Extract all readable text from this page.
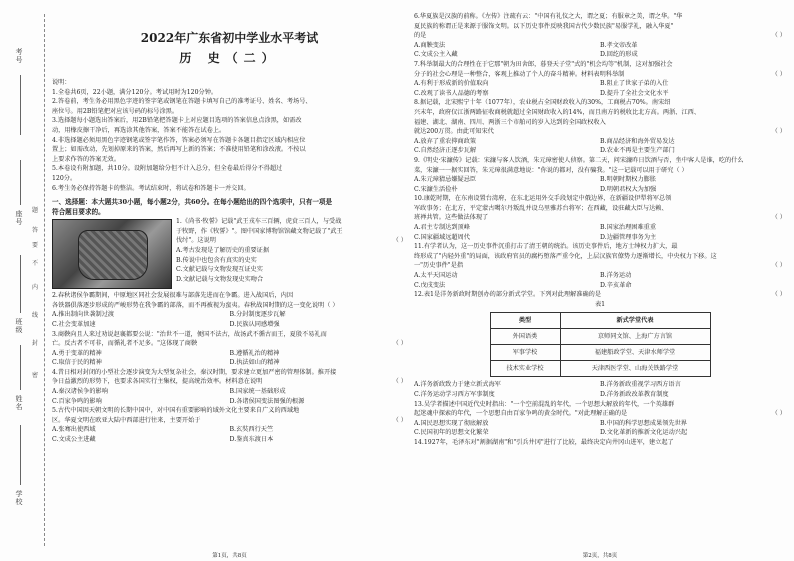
考号
座号
班级
姓名
学校
题
答
要
不
内
线
封
密
2022年广东省初中学业水平考试
历 史（二）
说明：
1.全卷共6页，22小题，满分120分。考试用时为120分钟。
2.答卷前，考生务必用黑色字迹的签字笔或钢笔在答题卡填写自己的准考证号、姓名、考场号、
座位号。用2B铅笔把对应该号码的标号涂黑。
3.选择题每小题选出答案后，用2B铅笔把答题卡上对应题目选项的答案信息点涂黑，如需改
动，用橡皮擦干净后，再选涂其他答案，答案不能答在试卷上。
4.非选择题必须用黑色字迹钢笔或签字笔作答，答案必须写在答题卡各题目指定区域内相应位
置上；如需改动，先划掉原来的答案，然后再写上新的答案；不准使用铅笔和涂改液。不按以
上要求作答的答案无效。
5.本卷设有附加题，共10分。设附加题给分但不计入总分，但全卷最后得分不得超过
120分。
6.考生务必保持答题卡的整洁。考试结束时，将试卷和答题卡一并交回。
一、选择题：本大题共30小题，每小题2分，共60分。在每小题给出的四个选项中，只有一项是
符合题目要求的。
1.《尚书·牧誓》记载"武王戎车三百辆，虎贲三百人，与受战
于牧野，作《牧誓》"。图中国家博物馆馆藏文物记载了"武王
伐纣"。这说明	（ ）
A.考古发现是了解历史的重要证据
B.传说中也包含有真实的史实
C.文献记载与文物发现互证史实
D.文献记载与文物发现史实吻合
2.春秋诸侯争霸期间，中原地区同社会发展很难与部落先进而在争霸。进入战国后，内因
各铁器俱落逐步形成的严峻形势在我争霸的部落，而不再被视为蛮夷。春秋战国时期的这一变化说明（ ）
A.推出制向世袭制过渡	B.分封制度逐步瓦解
C.社会变革加速	D.民族认同感增强
3.商鞅向且人来过劝说赵襄都要公说："治世不一道，便国不法古，故汤武不循古而王，夏殷不易礼而
亡。反古者不可非，而循礼者不足多。"这体现了商鞅	（ ）
A.勇于变革的精神	B.遵循礼治的精神
C.取信于民的精神	D.执法如山的精神
4.昔日相对封闭的小型社会逐步演变为大型复杂社会，秦汉时期，要求建立更加严密的管理体制。推开接
争日益激烈的形势下，也要求各国实行主集权，提高统治效率。材料意在说明	（ ）
A.秦汉诸侯争的影响	B.国家统一基础形成
C.百家争鸣的影响	D.各诸侯国变法图强的根源
5.古代中国因天朝文明的长期中国中，对中国有重要影响的域外文化主要来自广义的西域地
区。华夏文明在欧亚大陆中西部进行往来，主要开始于	（ ）
A.张骞出使西域	B.玄奘西行天竺
C.文成公主进藏	D.鉴真东渡日本
第1页，共8页
6.华夏族是汉族的前称。《左传》注疏有云："中国有礼仪之大，谓之夏；有服章之美，谓之华。"华
夏民族的称谓正是来源于服饰文明。以下历史事件反映我国古代少数民族"易服学礼，融入华夏"
的是	（ ）
A.商鞅变法	B.孝文帝改革
C.文成公主入藏	D.回纥的形成
7.科举制最大的合理性在于它那"朝为田舍郎，暮登天子堂"式的"机会均等"机制，这对加强社会
分子的社会心理是一种整合，客观上推动了个人的奋斗精神。材料表明科举制	（ ）
A.有利于形成新的价值取向	B.阻止了世家子弟的入仕
C.改观了读书人品德的考察	D.提升了全社会文化水平
8.据记载，北宋熙宁十年（1077年），农业税占全国财政收入的30%，工商税占70%。南宋绍
兴末年，政府仅江浙两路征收商税就超过全国财政收入的14%，而且南方的税收比北方高。两浙、江西、
福建、湖北、湖南、四川、两浙三个市舶司的岁入达到的全国政权收入
就达200万贯。由此可知宋代	（ ）
A.放弃了重农抑商政策	B.商品经济和海外贸易发达
C.自然经济正逐步瓦解	D.农业不再是主要生产部门
9.《明史·宋濂传》记载：宋濂与客人饮酒，朱元璋密使人侦察。第二天，问宋濂昨日饮酒与否，坐中客人是谁，吃的什么
菜，宋濂一一据实回答，朱元璋很满意地说："你说的都对，没有骗我。"这一记载可以用于研究（ ）
A.朱元璋猜忌嫌疑忌臣	B.明朝时期权力膨胀
C.宋濂生活俭朴	D.明朝君权大为加强
10.康乾时期，在东南设置台湾府，在东北运用外交手段划定中俄边界，在新疆设伊犁将军总领
军政事务；在北方，平定蒙古噶尔丹叛乱并设乌里雅苏台将军；在西藏，设驻藏大臣与达赖、
班禅共管。这些做法体现了	（ ）
A.君主专制达到顶峰	B.国家治理困难重重
C.国家疆域远超周代	D.边疆管理事务为主
11.有学者认为，这一历史事件沉重打击了清王朝的统治。该历史事件后，地方士绅权力扩大，最
终形成了"内轻外重"的局面，该政府官员的腐朽堕落严重令化，上层汉族官僚势力逐渐增长，中央权力下移。这
一"历史事件"是指	（ ）
A.太平天国运动	B.洋务运动
C.戊戌变法	D.辛亥革命
12.表1是洋务新政时期创办的部分新式学堂。下列对此理解准确的是	（ ）
表1
类型	新式学堂代表
外国语类	京师同文馆、上海广方言馆
军事学校	福建船政学堂、天津水师学堂
技术实业学校	天津西医学堂、山海关铁路学堂
A.洋务新政致力于建立新式海军	B.洋务新政重视学习西方语言
C.洋务运动学习西方军事制度	D.洋务新政改革教育制度
13.吴学者描述中国近代史时指出："一个空前混乱的年代，一个思想大解放的年代，一个英雄群
起迷魂中探索的年代，一个思想自由百家争鸣的黄金时代。"对此理解正确的是	（ ）
A.国民思想实现了彻底解放	B.中国的科学思想成果领先世界
C.民国初年的思想文化繁荣	D.文化革新的推新文化运动兴起
14.1927年，毛泽东对"割据湖南"和"引兵井冈"进行了比较，最终决定向井冈山进军，建立起了
第2页，共8页
